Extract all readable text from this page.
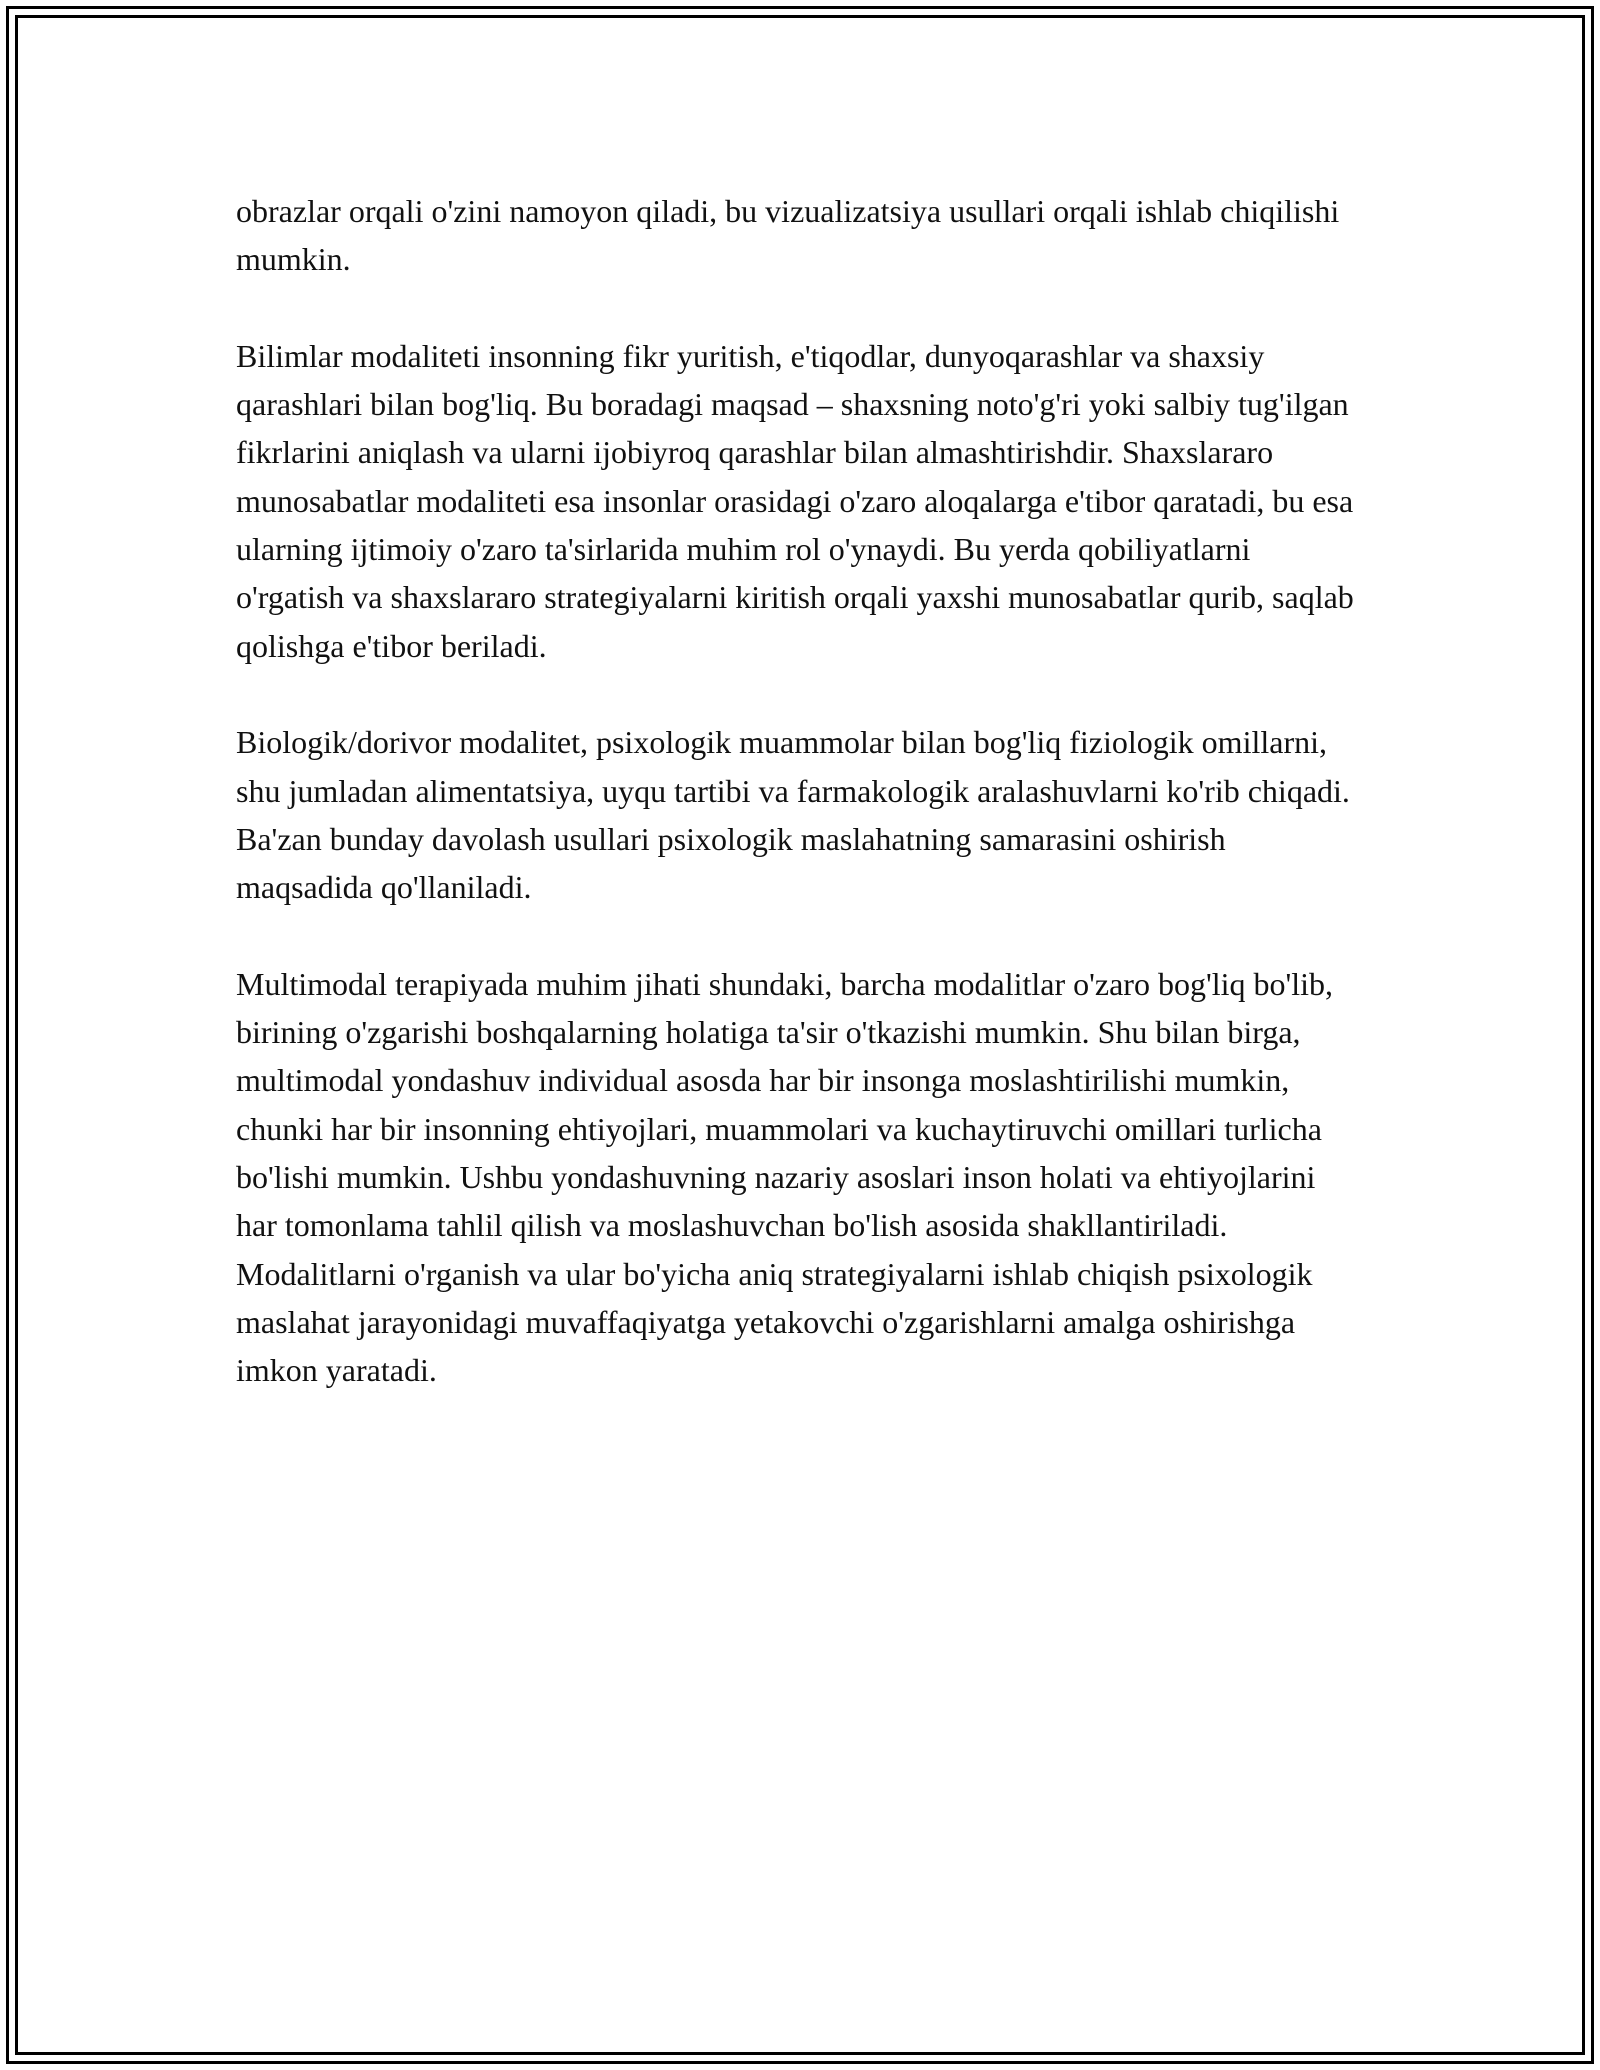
obrazlar orqali o'zini namoyon qiladi, bu vizualizatsiya usullari orqali ishlab chiqilishi mumkin.

Bilimlar modaliteti insonning fikr yuritish, e'tiqodlar, dunyoqarashlar va shaxsiy qarashlari bilan bog'liq. Bu boradagi maqsad – shaxsning noto'g'ri yoki salbiy tug'ilgan fikrlarini aniqlash va ularni ijobiyroq qarashlar bilan almashtirishdir. Shaxslararo munosabatlar modaliteti esa insonlar orasidagi o'zaro aloqalarga e'tibor qaratadi, bu esa ularning ijtimoiy o'zaro ta'sirlarida muhim rol o'ynaydi. Bu yerda qobiliyatlarni o'rgatish va shaxslararo strategiyalarni kiritish orqali yaxshi munosabatlar qurib, saqlab qolishga e'tibor beriladi.

Biologik/dorivor modalitet, psixologik muammolar bilan bog'liq fiziologik omillarni, shu jumladan alimentatsiya, uyqu tartibi va farmakologik aralashuvlarni ko'rib chiqadi. Ba'zan bunday davolash usullari psixologik maslahatning samarasini oshirish maqsadida qo'llaniladi.

Multimodal terapiyada muhim jihati shundaki, barcha modalitlar o'zaro bog'liq bo'lib, birining o'zgarishi boshqalarning holatiga ta'sir o'tkazishi mumkin. Shu bilan birga, multimodal yondashuv individual asosda har bir insonga moslashtirilishi mumkin, chunki har bir insonning ehtiyojlari, muammolari va kuchaytiruvchi omillari turlicha bo'lishi mumkin. Ushbu yondashuvning nazariy asoslari inson holati va ehtiyojlarini har tomonlama tahlil qilish va moslashuvchan bo'lish asosida shakllantiriladi. Modalitlarni o'rganish va ular bo'yicha aniq strategiyalarni ishlab chiqish psixologik maslahat jarayonidagi muvaffaqiyatga yetakovchi o'zgarishlarni amalga oshirishga imkon yaratadi.
